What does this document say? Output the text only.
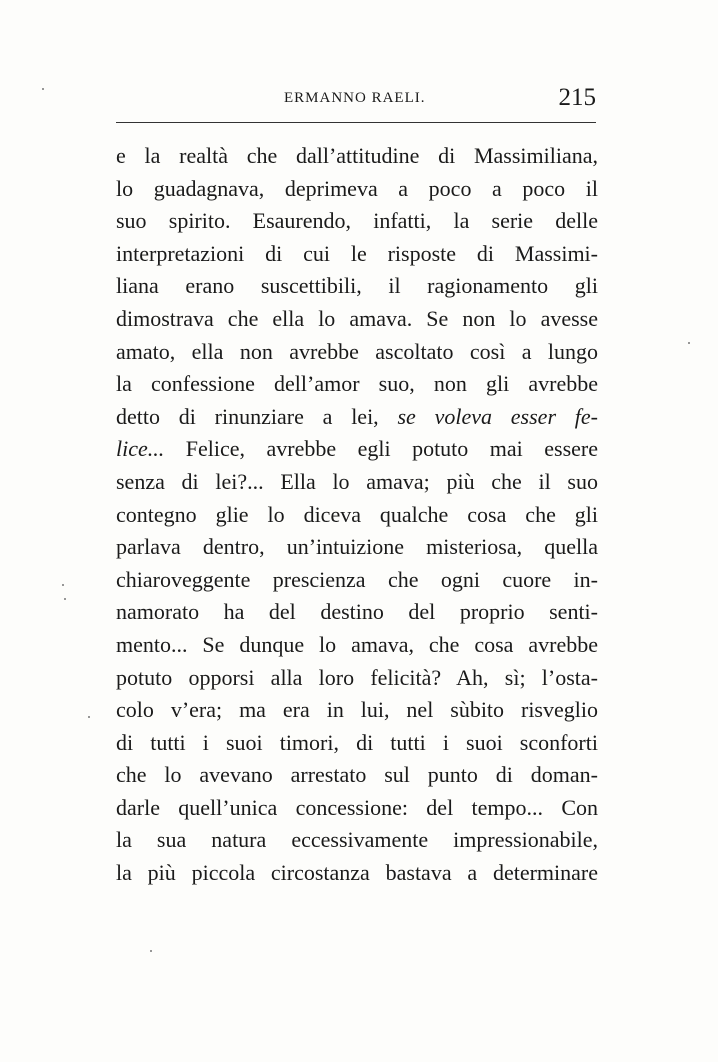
ERMANNO RAELI.	215
e la realtà che dall’attitudine di Massimiliana,
lo guadagnava, deprimeva a poco a poco il
suo spirito. Esaurendo, infatti, la serie delle
interpretazioni di cui le risposte di Massimi-
liana erano suscettibili, il ragionamento gli
dimostrava che ella lo amava. Se non lo avesse
amato, ella non avrebbe ascoltato così a lungo
la confessione dell’amor suo, non gli avrebbe
detto di rinunziare a lei, se voleva esser fe-
lice... Felice, avrebbe egli potuto mai essere
senza di lei?... Ella lo amava; più che il suo
contegno glie lo diceva qualche cosa che gli
parlava dentro, un’intuizione misteriosa, quella
chiaroveggente prescienza che ogni cuore in-
namorato ha del destino del proprio senti-
mento... Se dunque lo amava, che cosa avrebbe
potuto opporsi alla loro felicità? Ah, sì; l’osta-
colo v’era; ma era in lui, nel sùbito risveglio
di tutti i suoi timori, di tutti i suoi sconforti
che lo avevano arrestato sul punto di doman-
darle quell’unica concessione: del tempo... Con
la sua natura eccessivamente impressionabile,
la più piccola circostanza bastava a determinare
